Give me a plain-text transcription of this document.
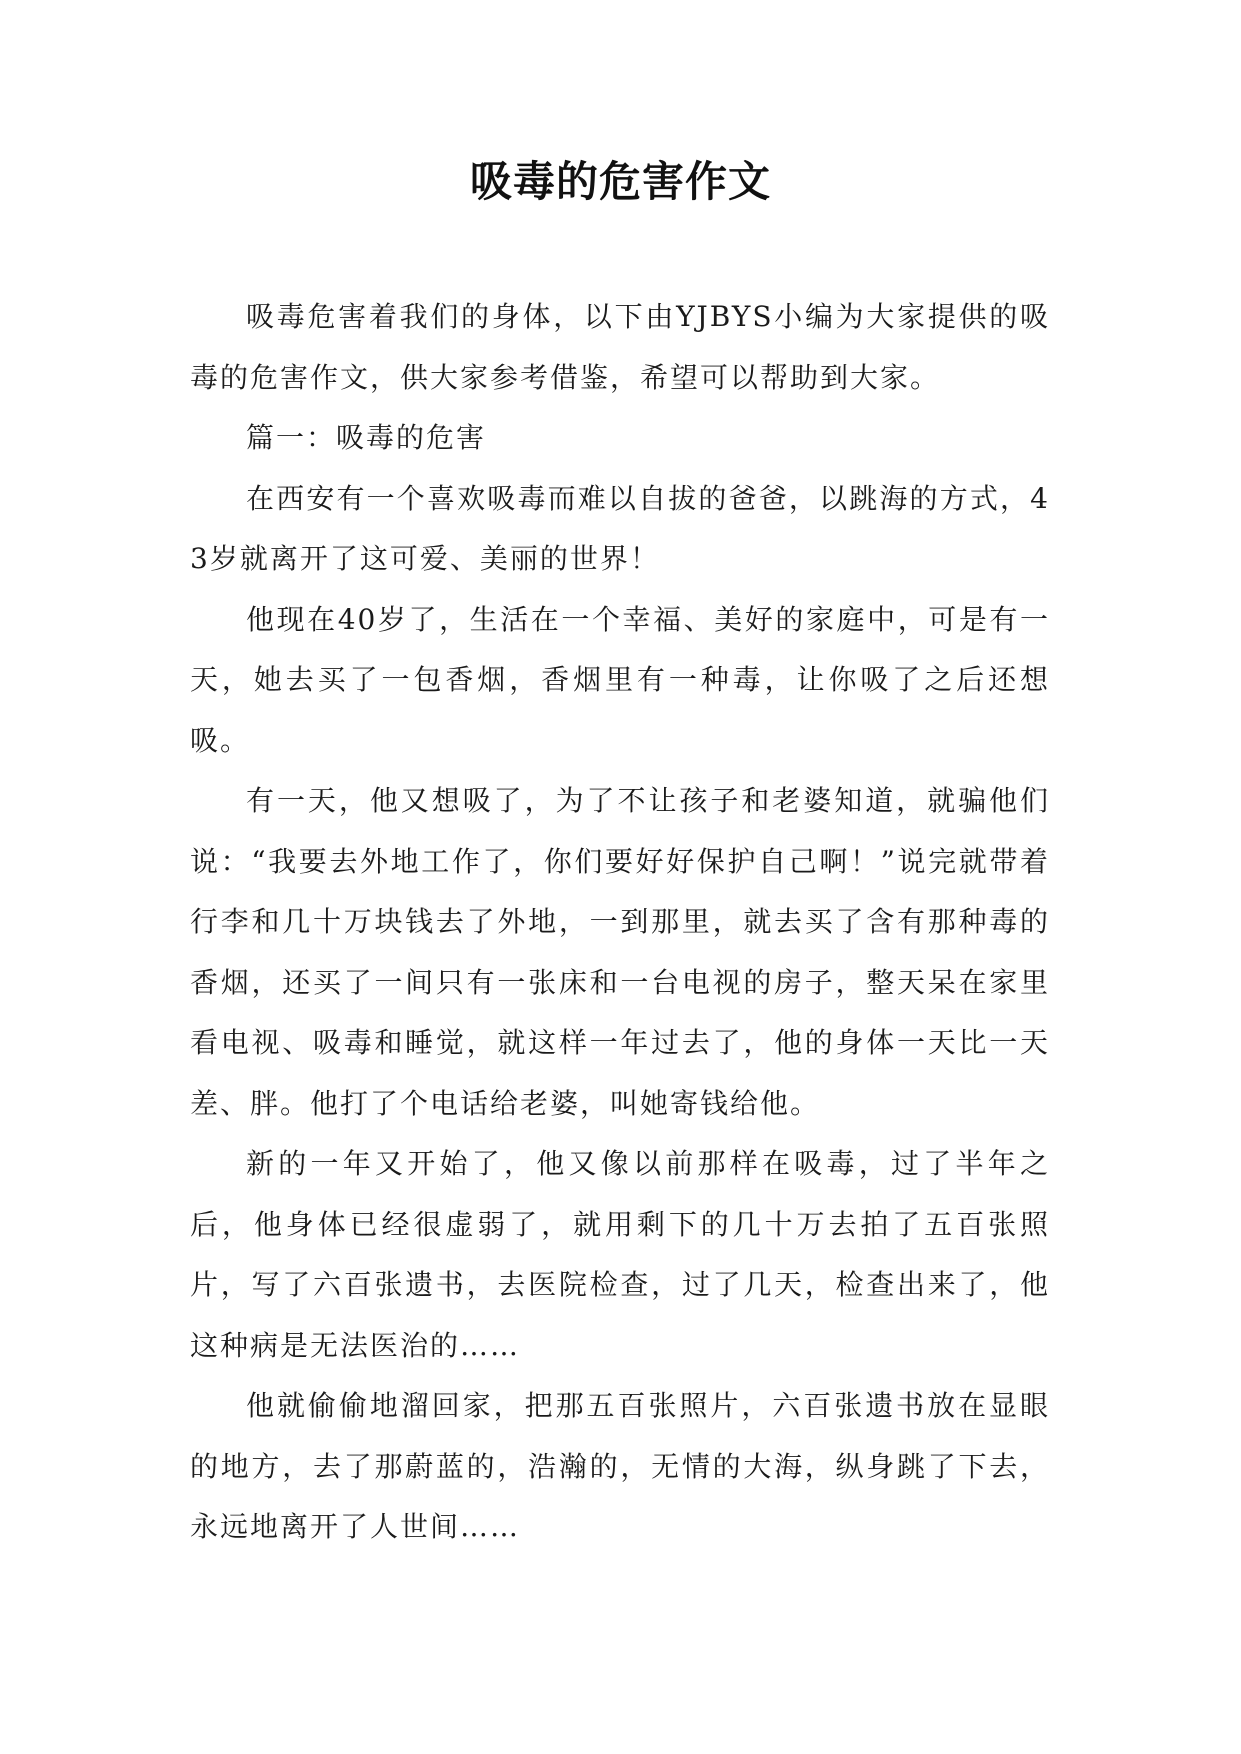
吸毒的危害作文

吸毒危害着我们的身体，以下由YJBYS小编为大家提供的吸毒的危害作文，供大家参考借鉴，希望可以帮助到大家。

篇一：吸毒的危害

在西安有一个喜欢吸毒而难以自拔的爸爸，以跳海的方式，43岁就离开了这可爱、美丽的世界！

他现在40岁了，生活在一个幸福、美好的家庭中，可是有一天，她去买了一包香烟，香烟里有一种毒，让你吸了之后还想吸。

有一天，他又想吸了，为了不让孩子和老婆知道，就骗他们说：“我要去外地工作了，你们要好好保护自己啊！”说完就带着行李和几十万块钱去了外地，一到那里，就去买了含有那种毒的香烟，还买了一间只有一张床和一台电视的房子，整天呆在家里看电视、吸毒和睡觉，就这样一年过去了，他的身体一天比一天差、胖。他打了个电话给老婆，叫她寄钱给他。

新的一年又开始了，他又像以前那样在吸毒，过了半年之后，他身体已经很虚弱了，就用剩下的几十万去拍了五百张照片，写了六百张遗书，去医院检查，过了几天，检查出来了，他这种病是无法医治的……

他就偷偷地溜回家，把那五百张照片，六百张遗书放在显眼的地方，去了那蔚蓝的，浩瀚的，无情的大海，纵身跳了下去，永远地离开了人世间……
